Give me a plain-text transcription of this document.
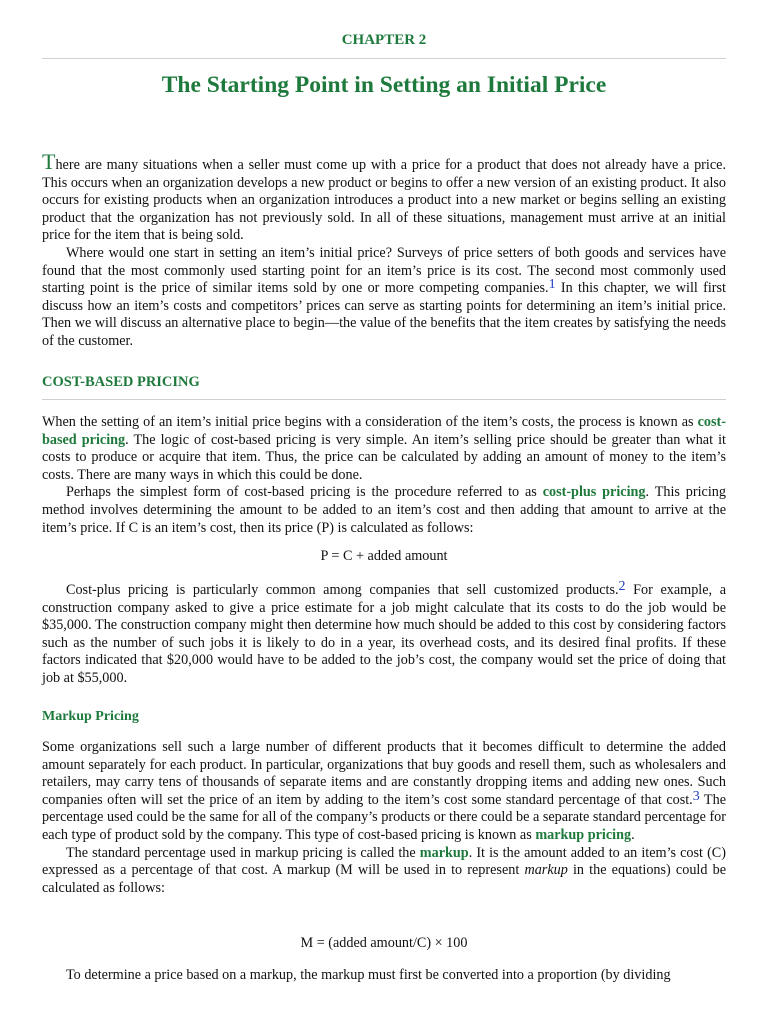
CHAPTER 2
The Starting Point in Setting an Initial Price

There are many situations when a seller must come up with a price for a product that does not already have a price. This occurs when an organization develops a new product or begins to offer a new version of an existing product. It also occurs for existing products when an organization introduces a product into a new market or begins selling an existing product that the organization has not previously sold. In all of these situations, management must arrive at an initial price for the item that is being sold.

Where would one start in setting an item’s initial price? Surveys of price setters of both goods and services have found that the most commonly used starting point for an item’s price is its cost. The second most commonly used starting point is the price of similar items sold by one or more competing companies.$^1$ In this chapter, we will first discuss how an item’s costs and competitors’ prices can serve as starting points for determining an item’s initial price. Then we will discuss an alternative place to begin—the value of the benefits that the item creates by satisfying the needs of the customer.

COST-BASED PRICING

When the setting of an item’s initial price begins with a consideration of the item’s costs, the process is known as cost-based pricing. The logic of cost-based pricing is very simple. An item’s selling price should be greater than what it costs to produce or acquire that item. Thus, the price can be calculated by adding an amount of money to the item’s costs. There are many ways in which this could be done.

Perhaps the simplest form of cost-based pricing is the procedure referred to as cost-plus pricing. This pricing method involves determining the amount to be added to an item’s cost and then adding that amount to arrive at the item’s price. If C is an item’s cost, then its price (P) is calculated as follows:

P = C + added amount

Cost-plus pricing is particularly common among companies that sell customized products.$^2$ For example, a construction company asked to give a price estimate for a job might calculate that its costs to do the job would be $35,000. The construction company might then determine how much should be added to this cost by considering factors such as the number of such jobs it is likely to do in a year, its overhead costs, and its desired final profits. If these factors indicated that $20,000 would have to be added to the job’s cost, the company would set the price of doing that job at $55,000.

Markup Pricing

Some organizations sell such a large number of different products that it becomes difficult to determine the added amount separately for each product. In particular, organizations that buy goods and resell them, such as wholesalers and retailers, may carry tens of thousands of separate items and are constantly dropping items and adding new ones. Such companies often will set the price of an item by adding to the item’s cost some standard percentage of that cost.$^3$ The percentage used could be the same for all of the company’s products or there could be a separate standard percentage for each type of product sold by the company. This type of cost-based pricing is known as markup pricing.

The standard percentage used in markup pricing is called the markup. It is the amount added to an item’s cost (C) expressed as a percentage of that cost. A markup (M will be used in to represent markup in the equations) could be calculated as follows:

M = (added amount/C) × 100

To determine a price based on a markup, the markup must first be converted into a proportion (by dividing
